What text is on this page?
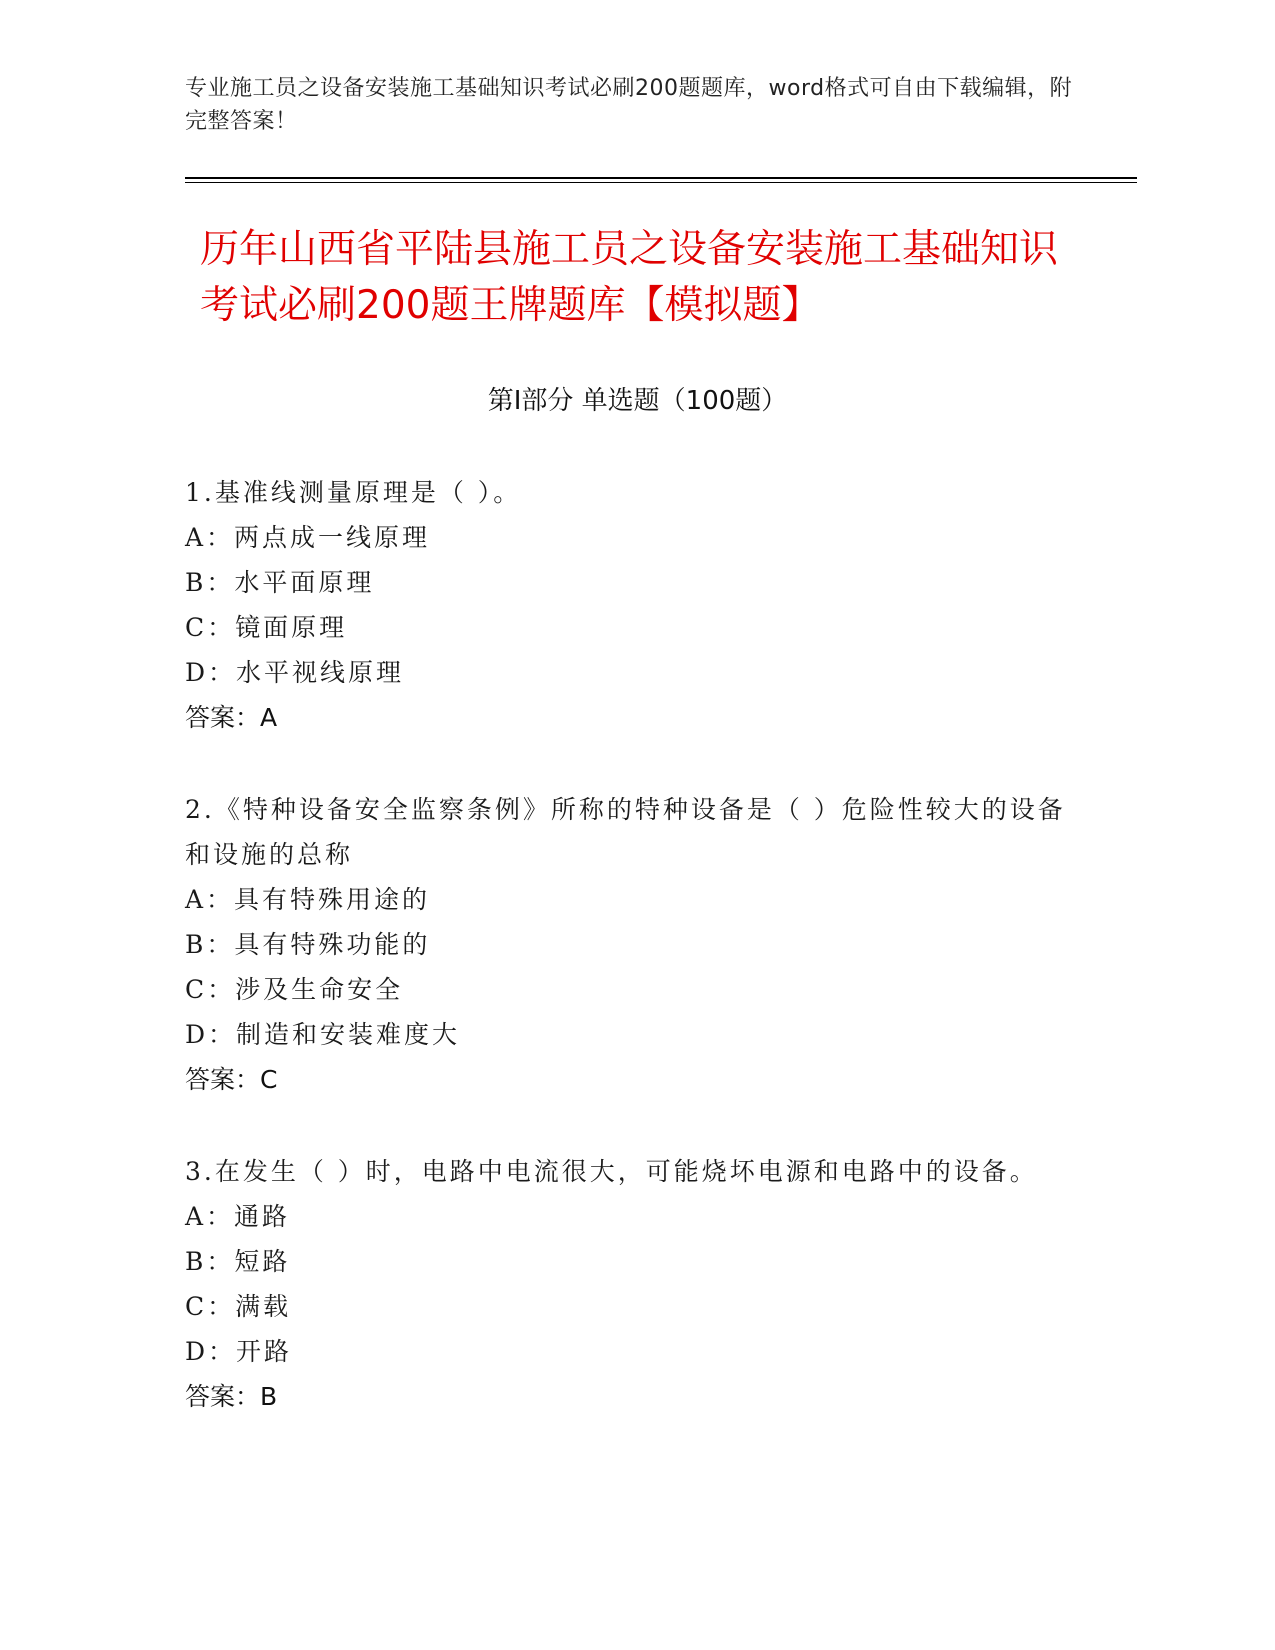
专业施工员之设备安装施工基础知识考试必刷200题题库，word格式可自由下载编辑，附完整答案！
历年山西省平陆县施工员之设备安装施工基础知识考试必刷200题王牌题库【模拟题】
第Ⅰ部分 单选题（100题）
1.基准线测量原理是（ ）。
A：两点成一线原理
B：水平面原理
C：镜面原理
D：水平视线原理
答案：A
2.《特种设备安全监察条例》所称的特种设备是（ ）危险性较大的设备和设施的总称
A：具有特殊用途的
B：具有特殊功能的
C：涉及生命安全
D：制造和安装难度大
答案：C
3.在发生（ ）时，电路中电流很大，可能烧坏电源和电路中的设备。
A：通路
B：短路
C：满载
D：开路
答案：B
